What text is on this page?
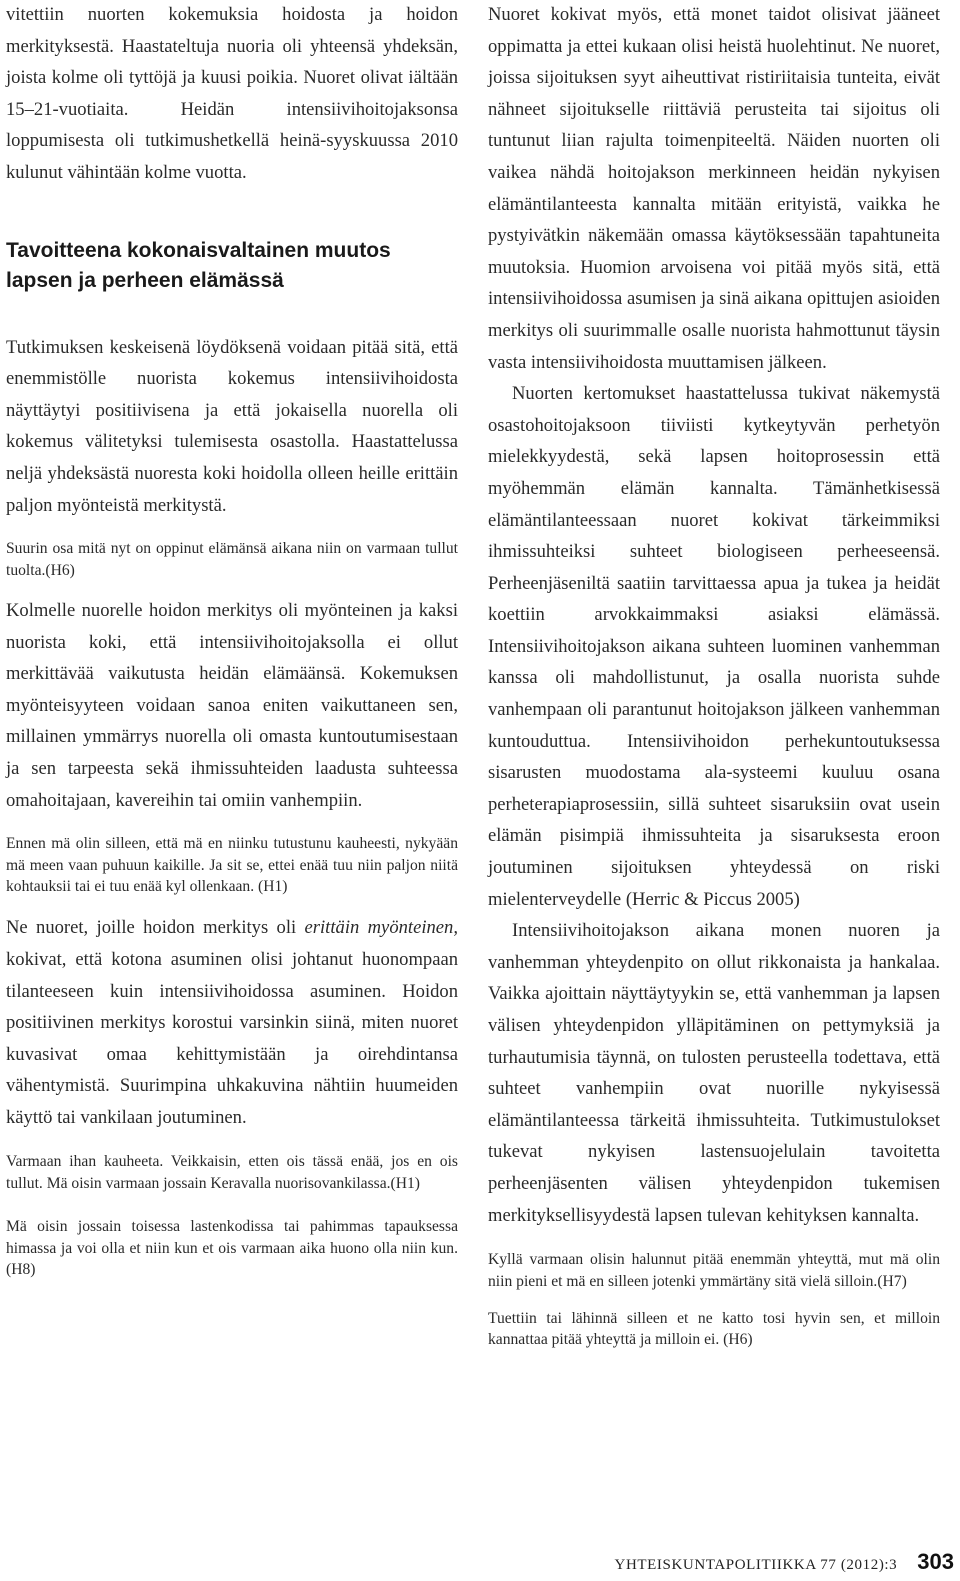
vitettiin nuorten kokemuksia hoidosta ja hoidon merkityksestä. Haastateltuja nuoria oli yhteensä yhdeksän, joista kolme oli tyttöjä ja kuusi poikia. Nuoret olivat iältään 15–21-vuotiaita. Heidän intensiivihoitojaksonsa loppumisesta oli tutkimushetkellä heinä-syyskuussa 2010 kulunut vähintään kolme vuotta.

Tavoitteena kokonaisvaltainen muutos
lapsen ja perheen elämässä

Tutkimuksen keskeisenä löydöksenä voidaan pitää sitä, että enemmistölle nuorista kokemus intensiivihoidosta näyttäytyi positiivisena ja että jokaisella nuorella oli kokemus välitetyksi tulemisesta osastolla. Haastattelussa neljä yhdeksästä nuoresta koki hoidolla olleen heille erittäin paljon myönteistä merkitystä.

Suurin osa mitä nyt on oppinut elämänsä aikana niin on varmaan tullut tuolta.(H6)

Kolmelle nuorelle hoidon merkitys oli myönteinen ja kaksi nuorista koki, että intensiivihoitojaksolla ei ollut merkittävää vaikutusta heidän elämäänsä. Kokemuksen myönteisyyteen voidaan sanoa eniten vaikuttaneen sen, millainen ymmärrys nuorella oli omasta kuntoutumisestaan ja sen tarpeesta sekä ihmissuhteiden laadusta suhteessa omahoitajaan, kavereihin tai omiin vanhempiin.

Ennen mä olin silleen, että mä en niinku tutustunu kauheesti, nykyään mä meen vaan puhuun kaikille. Ja sit se, ettei enää tuu niin paljon niitä kohtauksii tai ei tuu enää kyl ollenkaan. (H1)

Ne nuoret, joille hoidon merkitys oli erittäin myönteinen, kokivat, että kotona asuminen olisi johtanut huonompaan tilanteeseen kuin intensiivihoidossa asuminen. Hoidon positiivinen merkitys korostui varsinkin siinä, miten nuoret kuvasivat omaa kehittymistään ja oirehdintansa vähentymistä. Suurimpina uhkakuvina nähtiin huumeiden käyttö tai vankilaan joutuminen.

Varmaan ihan kauheeta. Veikkaisin, etten ois tässä enää, jos en ois tullut. Mä oisin varmaan jossain Keravalla nuorisovankilassa.(H1)

Mä oisin jossain toisessa lastenkodissa tai pahimmas tapauksessa himassa ja voi olla et niin kun et ois varmaan aika huono olla niin kun.(H8)

Nuoret kokivat myös, että monet taidot olisivat jääneet oppimatta ja ettei kukaan olisi heistä huolehtinut. Ne nuoret, joissa sijoituksen syyt aiheuttivat ristiriitaisia tunteita, eivät nähneet sijoitukselle riittäviä perusteita tai sijoitus oli tuntunut liian rajulta toimenpiteeltä. Näiden nuorten oli vaikea nähdä hoitojakson merkinneen heidän nykyisen elämäntilanteesta kannalta mitään erityistä, vaikka he pystyivätkin näkemään omassa käytöksessään tapahtuneita muutoksia. Huomion arvoisena voi pitää myös sitä, että intensiivihoidossa asumisen ja sinä aikana opittujen asioiden merkitys oli suurimmalle osalle nuorista hahmottunut täysin vasta intensiivihoidosta muuttamisen jälkeen.

Nuorten kertomukset haastattelussa tukivat näkemystä osastohoitojaksoon tiiviisti kytkeytyvän perhetyön mielekkyydestä, sekä lapsen hoitoprosessin että myöhemmän elämän kannalta. Tämänhetkisessä elämäntilanteessaan nuoret kokivat tärkeimmiksi ihmissuhteiksi suhteet biologiseen perheeseensä. Perheenjäseniltä saatiin tarvittaessa apua ja tukea ja heidät koettiin arvokkaimmaksi asiaksi elämässä. Intensiivihoitojakson aikana suhteen luominen vanhemman kanssa oli mahdollistunut, ja osalla nuorista suhde vanhempaan oli parantunut hoitojakson jälkeen vanhemman kuntouduttua. Intensiivihoidon perhekuntoutuksessa sisarusten muodostama ala-systeemi kuuluu osana perheterapiaprosessiin, sillä suhteet sisaruksiin ovat usein elämän pisimpiä ihmissuhteita ja sisaruksesta eroon joutuminen sijoituksen yhteydessä on riski mielenterveydelle (Herric & Piccus 2005)

Intensiivihoitojakson aikana monen nuoren ja vanhemman yhteydenpito on ollut rikkonaista ja hankalaa. Vaikka ajoittain näyttäytyykin se, että vanhemman ja lapsen välisen yhteydenpidon ylläpitäminen on pettymyksiä ja turhautumisia täynnä, on tulosten perusteella todettava, että suhteet vanhempiin ovat nuorille nykyisessä elämäntilanteessa tärkeitä ihmissuhteita. Tutkimustulokset tukevat nykyisen lastensuojelulain tavoitetta perheenjäsenten välisen yhteydenpidon tukemisen merkityksellisyydestä lapsen tulevan kehityksen kannalta.

Kyllä varmaan olisin halunnut pitää enemmän yhteyttä, mut mä olin niin pieni et mä en silleen jotenki ymmärtäny sitä vielä silloin.(H7)

Tuettiin tai lähinnä silleen et ne katto tosi hyvin sen, et milloin kannattaa pitää yhteyttä ja milloin ei. (H6)

YHTEISKUNTAPOLITIIKKA 77 (2012):3 303
